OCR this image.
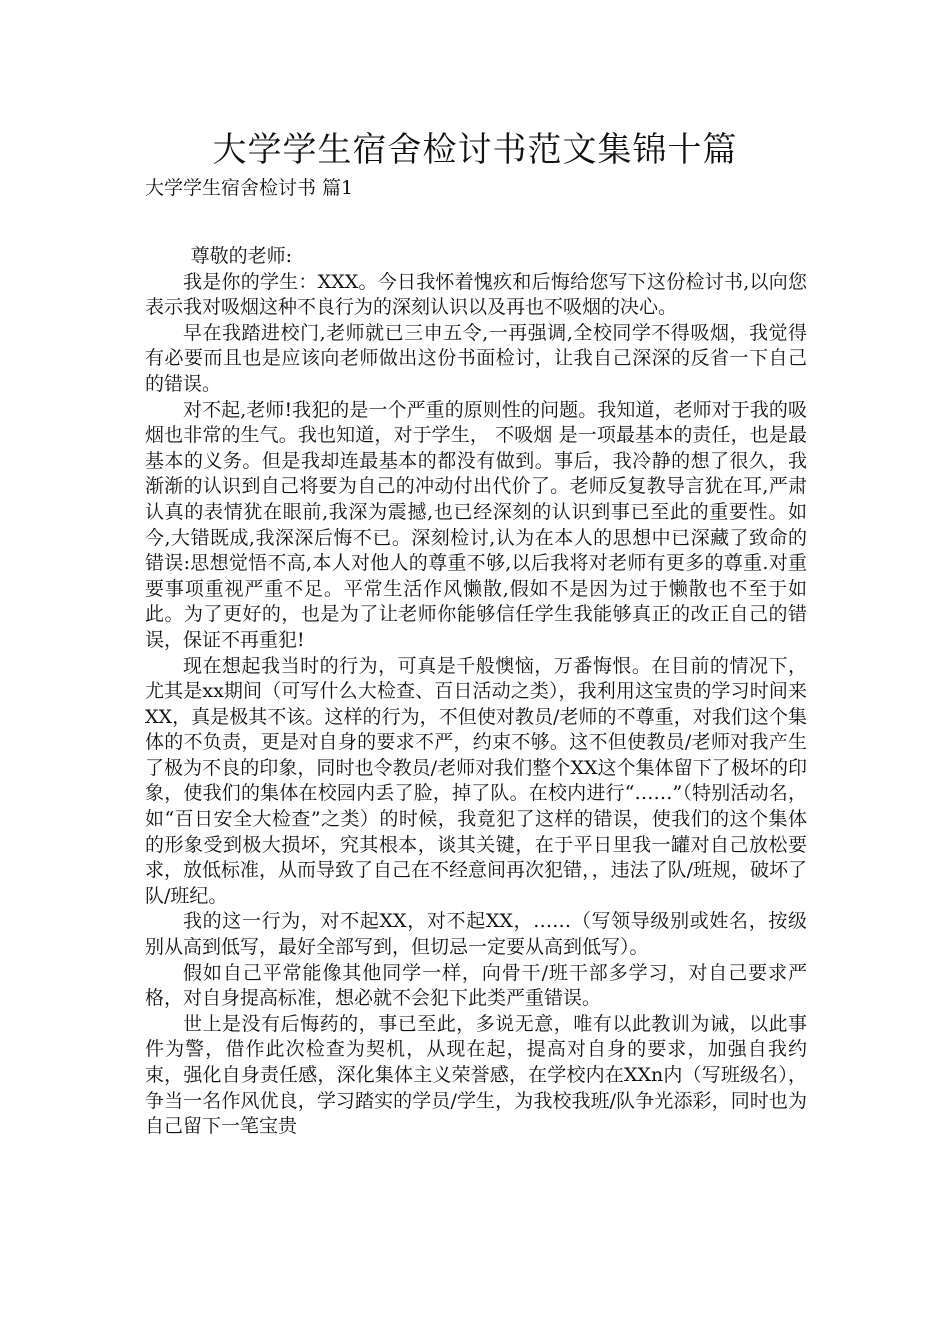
大学学生宿舍检讨书范文集锦十篇
大学学生宿舍检讨书 篇1

尊敬的老师:

我是你的学生：XXX。今日我怀着愧疚和后悔给您写下这份检讨书,以向您表示我对吸烟这种不良行为的深刻认识以及再也不吸烟的决心。

早在我踏进校门,老师就已三申五令,一再强调,全校同学不得吸烟，我觉得有必要而且也是应该向老师做出这份书面检讨，让我自己深深的反省一下自己的错误。

对不起,老师!我犯的是一个严重的原则性的问题。我知道，老师对于我的吸烟也非常的生气。我也知道，对于学生， 不吸烟 是一项最基本的责任，也是最基本的义务。但是我却连最基本的都没有做到。事后，我冷静的想了很久，我渐渐的认识到自己将要为自己的冲动付出代价了。老师反复教导言犹在耳,严肃认真的表情犹在眼前,我深为震撼,也已经深刻的认识到事已至此的重要性。如今,大错既成,我深深后悔不已。深刻检讨,认为在本人的思想中已深藏了致命的错误:思想觉悟不高,本人对他人的尊重不够,以后我将对老师有更多的尊重.对重要事项重视严重不足。平常生活作风懒散,假如不是因为过于懒散也不至于如此。为了更好的，也是为了让老师你能够信任学生我能够真正的改正自己的错误，保证不再重犯!

现在想起我当时的行为，可真是千般懊恼，万番悔恨。在目前的情况下，尤其是xx期间（可写什么大检查、百日活动之类），我利用这宝贵的学习时间来XX，真是极其不该。这样的行为，不但使对教员/老师的不尊重，对我们这个集体的不负责，更是对自身的要求不严，约束不够。这不但使教员/老师对我产生了极为不良的印象，同时也令教员/老师对我们整个XX这个集体留下了极坏的印象，使我们的集体在校园内丢了脸，掉了队。在校内进行“……”（特别活动名，如“百日安全大检查”之类）的时候，我竟犯了这样的错误，使我们的这个集体的形象受到极大损坏，究其根本，谈其关键，在于平日里我一罐对自己放松要求，放低标准，从而导致了自己在不经意间再次犯错，，违法了队/班规，破坏了队/班纪。

我的这一行为，对不起XX，对不起XX，……（写领导级别或姓名，按级别从高到低写，最好全部写到，但切忌一定要从高到低写）。

假如自己平常能像其他同学一样，向骨干/班干部多学习，对自己要求严格，对自身提高标准，想必就不会犯下此类严重错误。

世上是没有后悔药的，事已至此，多说无意，唯有以此教训为诫，以此事件为警，借作此次检查为契机，从现在起，提高对自身的要求，加强自我约束，强化自身责任感，深化集体主义荣誉感，在学校内在XXn内（写班级名），争当一名作风优良，学习踏实的学员/学生，为我校我班/队争光添彩，同时也为自己留下一笔宝贵
